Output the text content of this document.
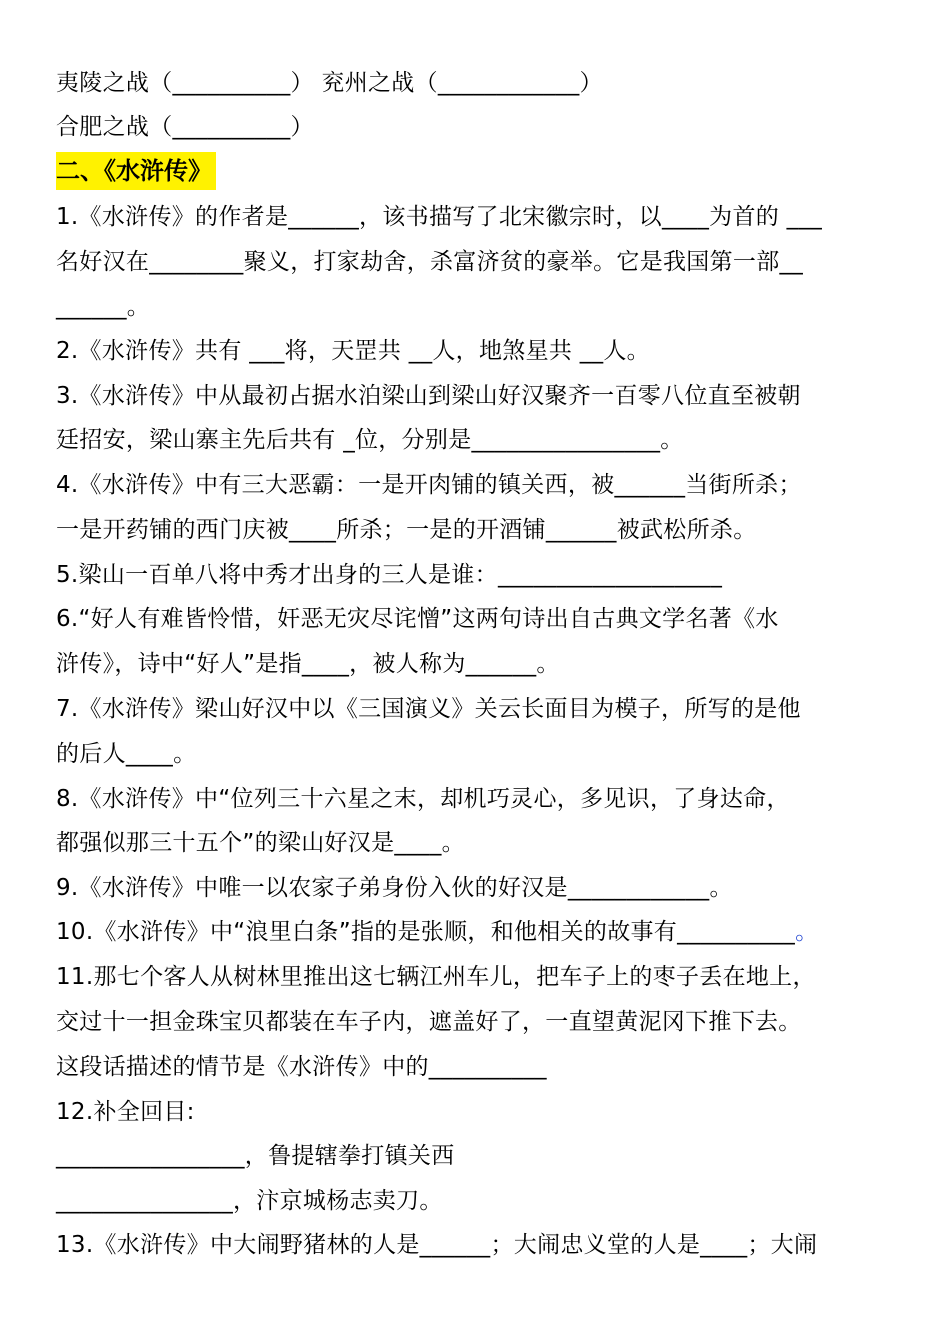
夷陵之战（__________） 兖州之战（____________）
合肥之战（__________）
二、《水浒传》
1.《水浒传》的作者是______，该书描写了北宋徽宗时，以____为首的 ___
名好汉在________聚义，打家劫舍，杀富济贫的豪举。它是我国第一部__
______。
2.《水浒传》共有 ___将，天罡共 __人，地煞星共 __人。
3.《水浒传》中从最初占据水泊梁山到梁山好汉聚齐一百零八位直至被朝
廷招安，梁山寨主先后共有 _位，分别是________________。
4.《水浒传》中有三大恶霸：一是开肉铺的镇关西，被______当街所杀；
一是开药铺的西门庆被____所杀；一是的开酒铺______被武松所杀。
5.梁山一百单八将中秀才出身的三人是谁：___________________
6.“好人有难皆怜惜，奸恶无灾尽诧憎”这两句诗出自古典文学名著《水
浒传》，诗中“好人”是指____，被人称为______。
7.《水浒传》梁山好汉中以《三国演义》关云长面目为模子，所写的是他
的后人____。
8.《水浒传》中“位列三十六星之末，却机巧灵心，多见识，了身达命，
都强似那三十五个”的梁山好汉是____。
9.《水浒传》中唯一以农家子弟身份入伙的好汉是____________。
10.《水浒传》中“浪里白条”指的是张顺，和他相关的故事有__________。
11.那七个客人从树林里推出这七辆江州车儿，把车子上的枣子丢在地上，
交过十一担金珠宝贝都装在车子内，遮盖好了，一直望黄泥冈下推下去。
这段话描述的情节是《水浒传》中的__________
12.补全回目:
________________，鲁提辖拳打镇关西
_______________，汴京城杨志卖刀。
13.《水浒传》中大闹野猪林的人是______；大闹忠义堂的人是____；大闹
